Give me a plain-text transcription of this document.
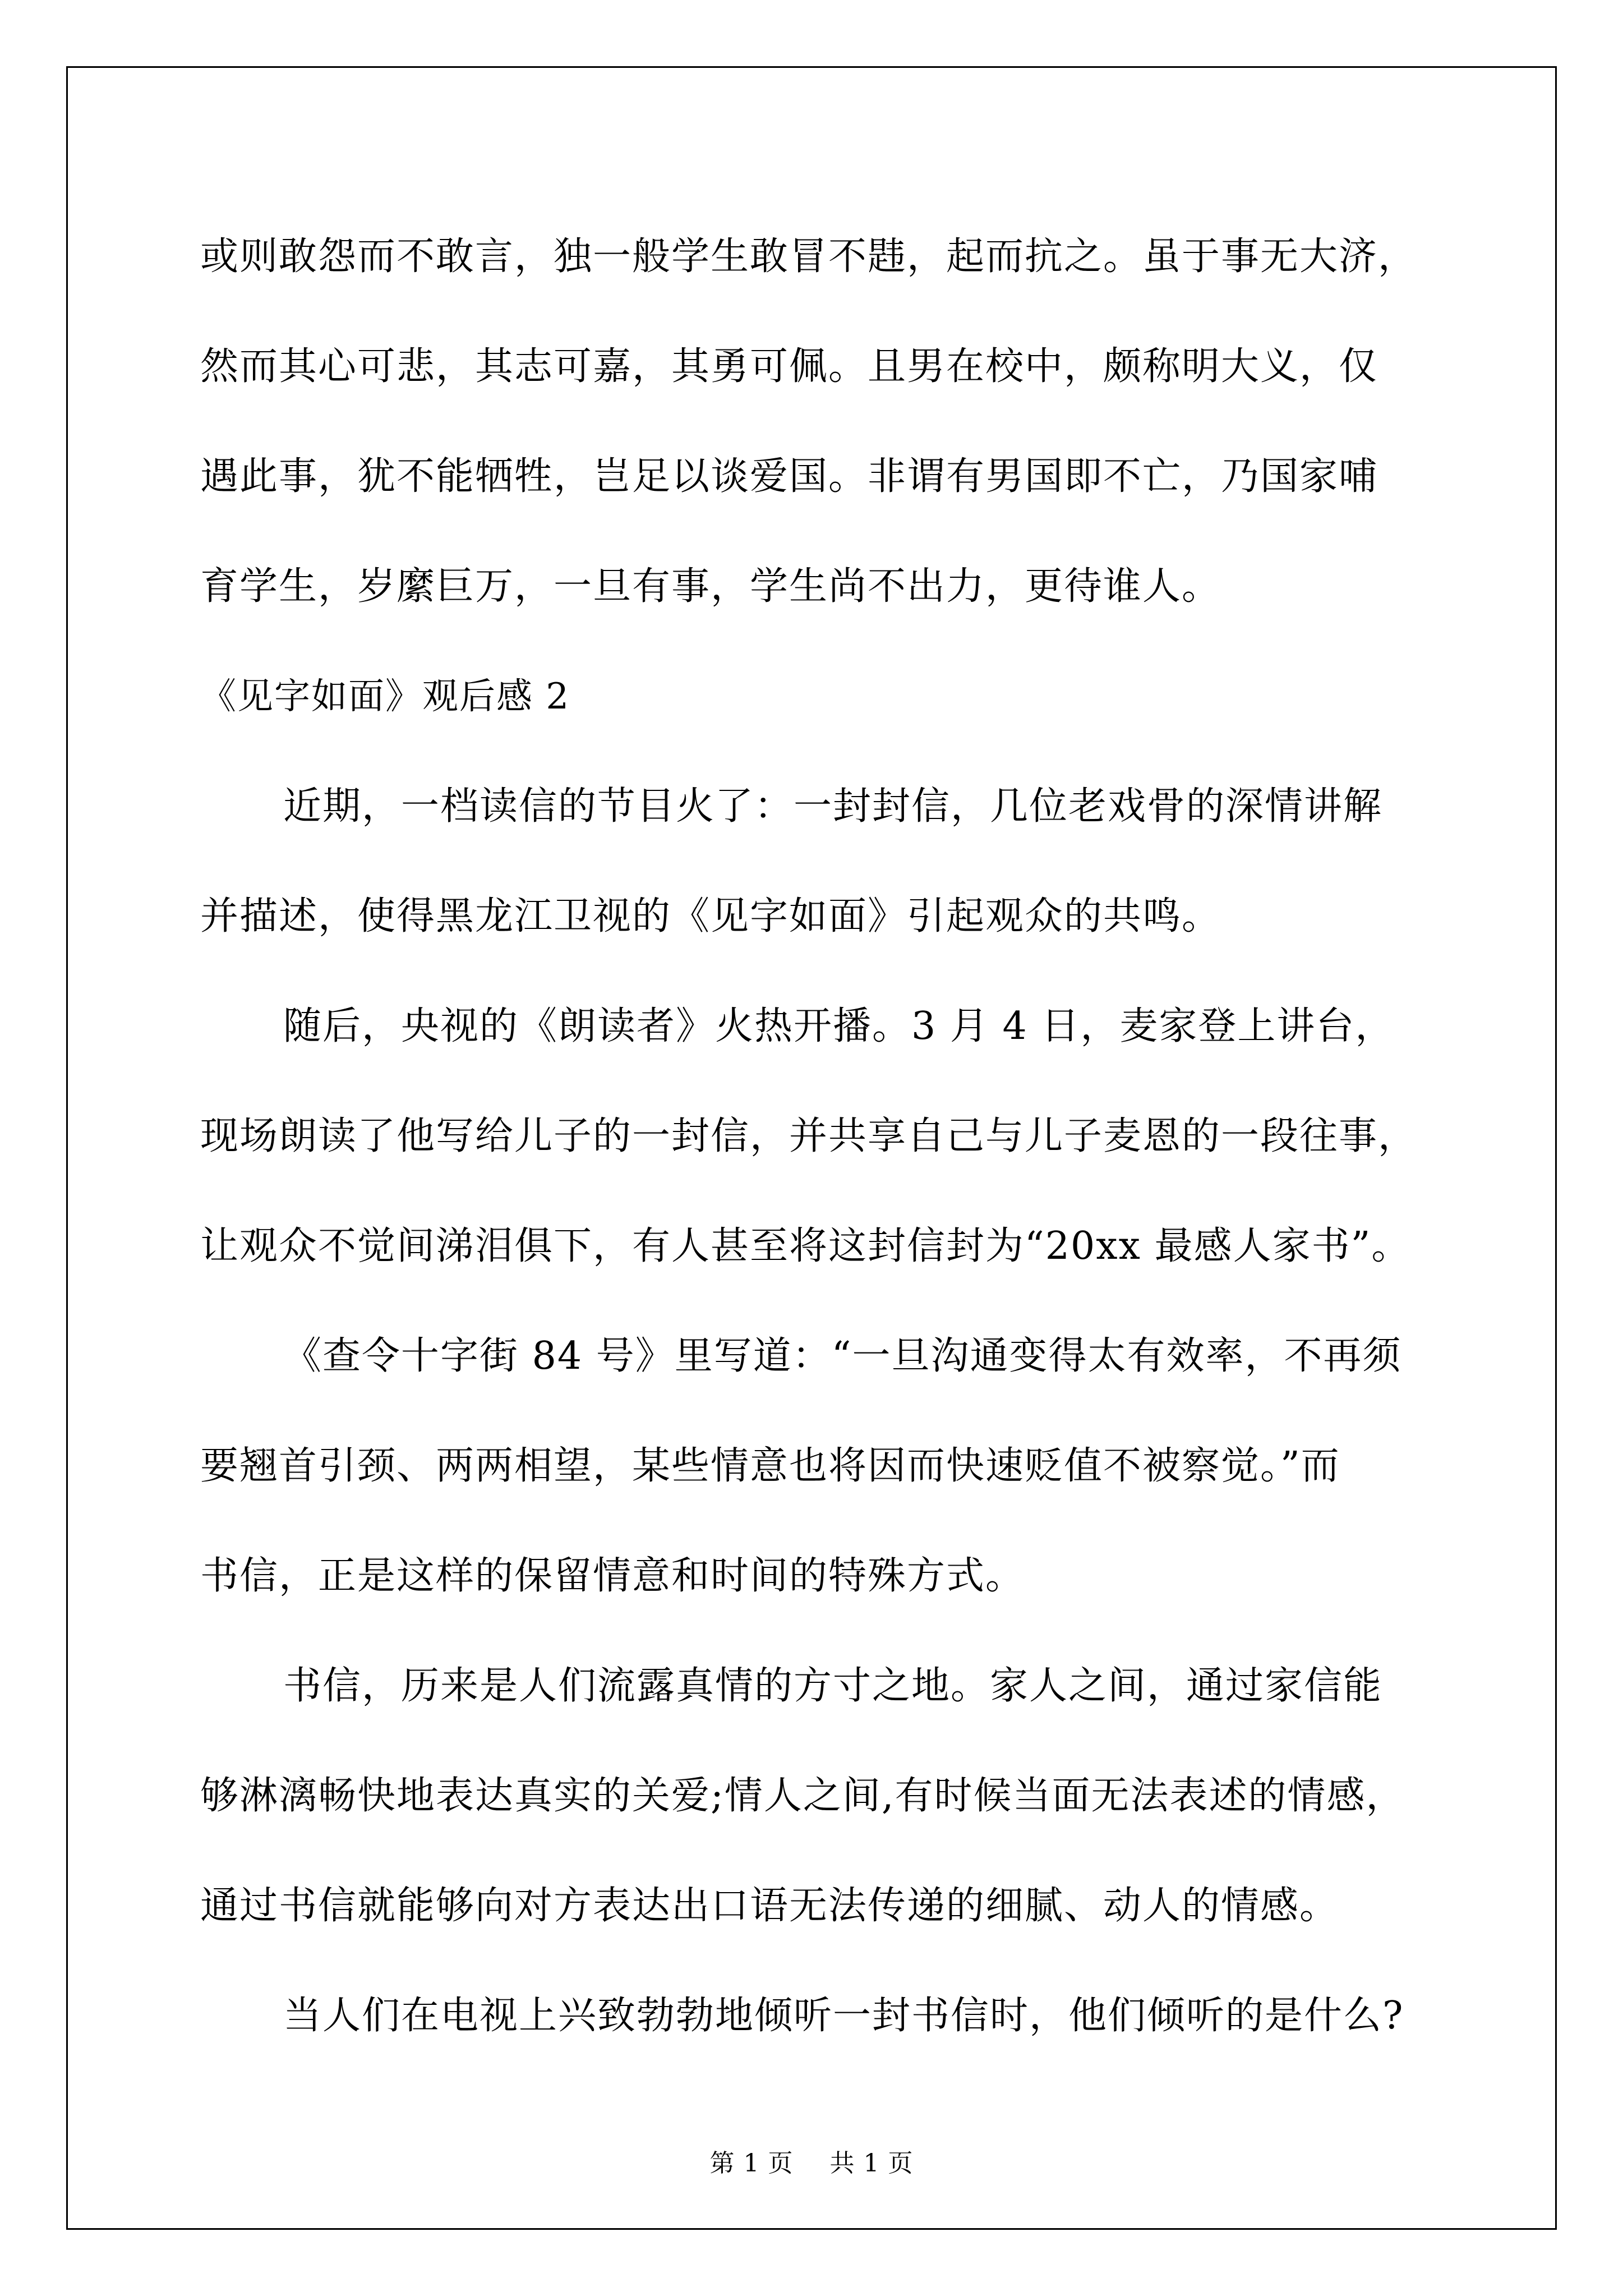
或则敢怨而不敢言，独一般学生敢冒不韪，起而抗之。虽于事无大济，
然而其心可悲，其志可嘉，其勇可佩。且男在校中，颇称明大义，仅
遇此事，犹不能牺牲，岂足以谈爱国。非谓有男国即不亡，乃国家哺
育学生，岁縻巨万，一旦有事，学生尚不出力，更待谁人。
《见字如面》观后感 2
近期，一档读信的节目火了：一封封信，几位老戏骨的深情讲解
并描述，使得黑龙江卫视的《见字如面》引起观众的共鸣。
随后，央视的《朗读者》火热开播。3 月 4 日，麦家登上讲台，
现场朗读了他写给儿子的一封信，并共享自己与儿子麦恩的一段往事，
让观众不觉间涕泪俱下，有人甚至将这封信封为“20xx 最感人家书”。
《查令十字街 84 号》里写道：“一旦沟通变得太有效率，不再须
要翘首引颈、两两相望，某些情意也将因而快速贬值不被察觉。”而
书信，正是这样的保留情意和时间的特殊方式。
书信，历来是人们流露真情的方寸之地。家人之间，通过家信能
够淋漓畅快地表达真实的关爱;情人之间,有时候当面无法表述的情感，
通过书信就能够向对方表达出口语无法传递的细腻、动人的情感。
当人们在电视上兴致勃勃地倾听一封书信时，他们倾听的是什么?
第 1 页 共 1 页
